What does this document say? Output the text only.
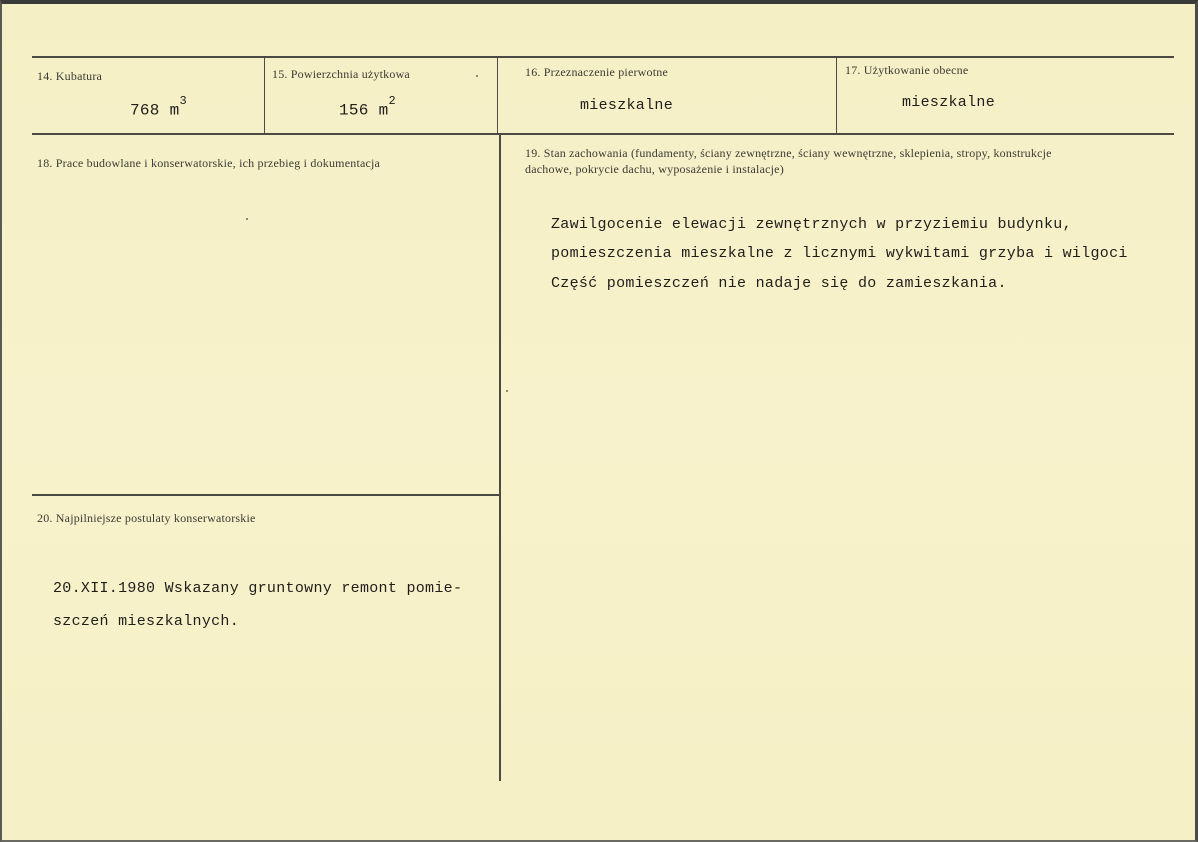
14. Kubatura
768 $m^3$
15. Powierzchnia użytkowa
156 $m^2$
16. Przeznaczenie pierwotne
mieszkalne
17. Użytkowanie obecne
mieszkalne
18. Prace budowlane i konserwatorskie, ich przebieg i dokumentacja
19. Stan zachowania (fundamenty, ściany zewnętrzne, ściany wewnętrzne, sklepienia, stropy, konstrukcje dachowe, pokrycie dachu, wyposażenie i instalacje)
Zawilgocenie elewacji zewnętrznych w przyziemiu budynku,
pomieszczenia mieszkalne z licznymi wykwitami grzyba i wilgoci
Część pomieszczeń nie nadaje się do zamieszkania.
20. Najpilniejsze postulaty konserwatorskie
20.XII.1980 Wskazany gruntowny remont pomie-
szczeń mieszkalnych.
